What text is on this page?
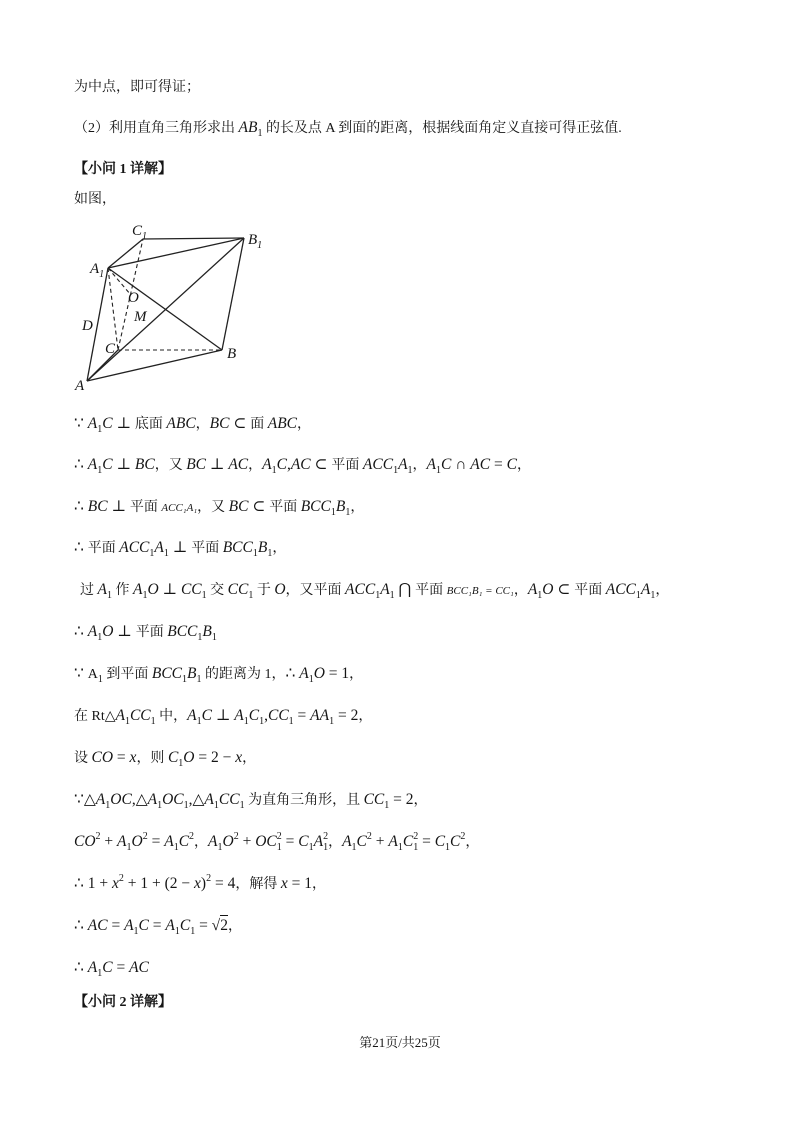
为中点，即可得证；
（2）利用直角三角形求出 $AB_1$ 的长及点 A 到面的距离，根据线面角定义直接可得正弦值.
【小问 1 详解】
如图，
$C_1$	$B_1$
$A_1$
O
M
D
C	B
A
∵ $A_1C$ ⊥ 底面 ABC，BC ⊂ 面 ABC，
∴ $A_1C$ ⊥ BC，又 BC ⊥ AC，$A_1C,AC$ ⊂ 平面 $ACC_1A_1$，$A_1C$ ∩ AC = C，
∴ BC ⊥ 平面 ACC₁A₁，又 BC ⊂ 平面 $BCC_1B_1$，
∴ 平面 $ACC_1A_1$ ⊥ 平面 $BCC_1B_1$，
过 $A_1$ 作 $A_1O$ ⊥ $CC_1$ 交 $CC_1$ 于 O，又平面 $ACC_1A_1$ ⋂ 平面 BCC₁B₁ = CC₁，$A_1O$ ⊂ 平面 $ACC_1A_1$，
∴ $A_1O$ ⊥ 平面 $BCC_1B_1$
∵ $A_1$ 到平面 $BCC_1B_1$ 的距离为 1，∴ $A_1O = 1$，
在 $Rt\triangle A_1CC_1$ 中，$A_1C$ ⊥ $A_1C_1,CC_1 = AA_1 = 2$，
设 CO = x，则 $C_1O = 2 - x$，
$\because\triangle A_1OC,\triangle A_1OC_1,\triangle A_1CC_1$ 为直角三角形，且 $CC_1 = 2$，
$CO^2 + A_1O^2 = A_1C^2$，$A_1O^2 + OC_1^2 = C_1A_1^2$，$A_1C^2 + A_1C_1^2 = C_1C^2$，
∴ $1 + x^2 + 1 + (2 - x)^2 = 4$，解得 x = 1，
∴ AC = $A_1C = A_1C_1 = √2$，
∴ $A_1C$ = AC
【小问 2 详解】
第21页/共25页
